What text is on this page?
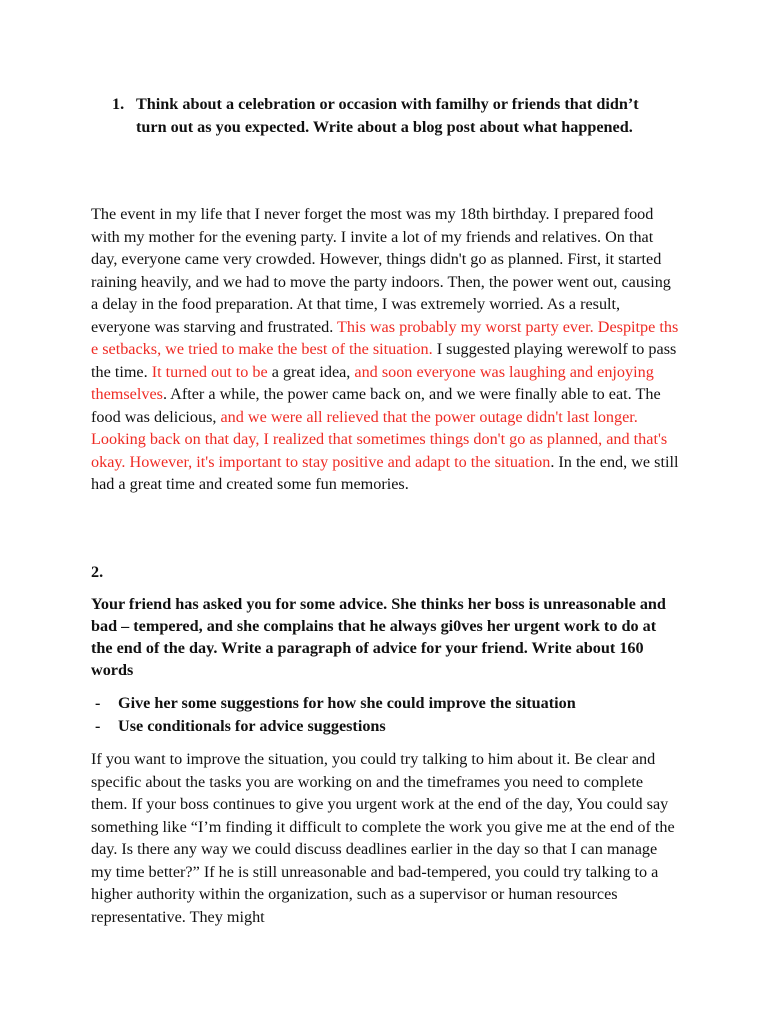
1. Think about a celebration or occasion with familhy or friends that didn’t turn out as you expected. Write about a blog post about what happened.

The event in my life that I never forget the most was my 18th birthday. I prepared food with my mother for the evening party. I invite a lot of my friends and relatives. On that day, everyone came very crowded. However, things didn't go as planned. First, it started raining heavily, and we had to move the party indoors. Then, the power went out, causing a delay in the food preparation. At that time, I was extremely worried. As a result, everyone was starving and frustrated. This was probably my worst party ever. Despitpe ths e setbacks, we tried to make the best of the situation. I suggested playing werewolf to pass the time. It turned out to be a great idea, and soon everyone was laughing and enjoying themselves. After a while, the power came back on, and we were finally able to eat. The food was delicious, and we were all relieved that the power outage didn't last longer. Looking back on that day, I realized that sometimes things don't go as planned, and that's okay. However, it's important to stay positive and adapt to the situation. In the end, we still had a great time and created some fun memories.

2.
Your friend has asked you for some advice. She thinks her boss is unreasonable and bad – tempered, and she complains that he always gi0ves her urgent work to do at the end of the day. Write a paragraph of advice for your friend. Write about 160 words
- Give her some suggestions for how she could improve the situation
- Use conditionals for advice suggestions

If you want to improve the situation, you could try talking to him about it. Be clear and specific about the tasks you are working on and the timeframes you need to complete them. If your boss continues to give you urgent work at the end of the day, You could say something like “I’m finding it difficult to complete the work you give me at the end of the day. Is there any way we could discuss deadlines earlier in the day so that I can manage my time better?” If he is still unreasonable and bad-tempered, you could try talking to a higher authority within the organization, such as a supervisor or human resources representative. They might
